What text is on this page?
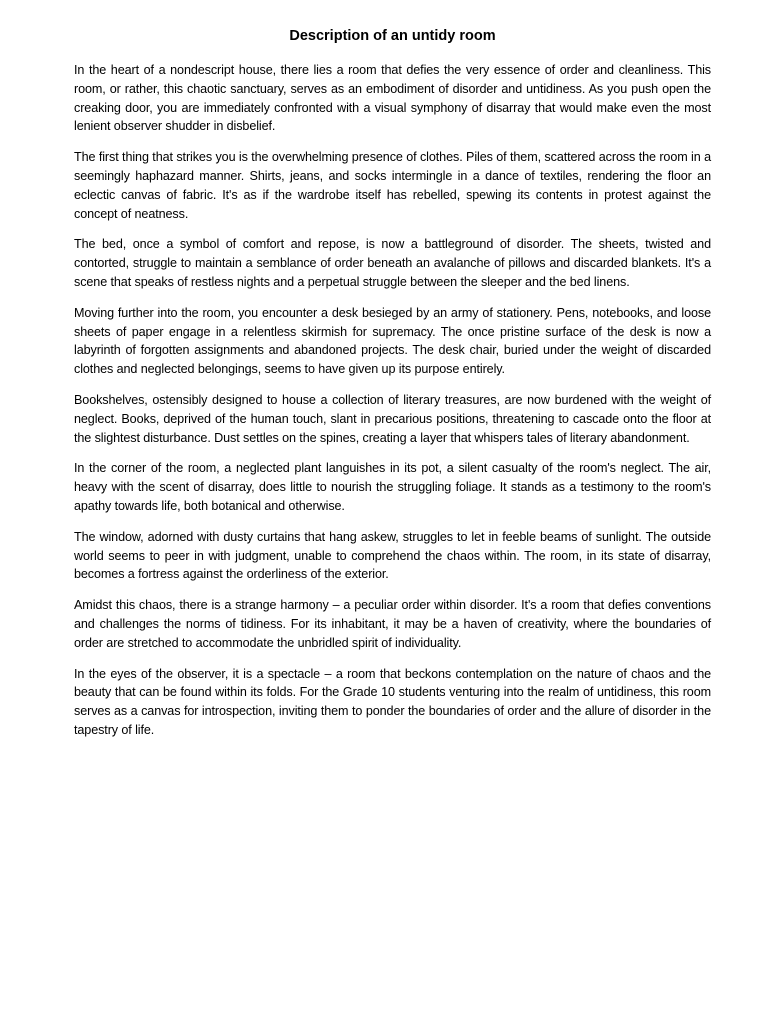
Description of an untidy room

In the heart of a nondescript house, there lies a room that defies the very essence of order and cleanliness. This room, or rather, this chaotic sanctuary, serves as an embodiment of disorder and untidiness. As you push open the creaking door, you are immediately confronted with a visual symphony of disarray that would make even the most lenient observer shudder in disbelief.

The first thing that strikes you is the overwhelming presence of clothes. Piles of them, scattered across the room in a seemingly haphazard manner. Shirts, jeans, and socks intermingle in a dance of textiles, rendering the floor an eclectic canvas of fabric. It's as if the wardrobe itself has rebelled, spewing its contents in protest against the concept of neatness.

The bed, once a symbol of comfort and repose, is now a battleground of disorder. The sheets, twisted and contorted, struggle to maintain a semblance of order beneath an avalanche of pillows and discarded blankets. It's a scene that speaks of restless nights and a perpetual struggle between the sleeper and the bed linens.

Moving further into the room, you encounter a desk besieged by an army of stationery. Pens, notebooks, and loose sheets of paper engage in a relentless skirmish for supremacy. The once pristine surface of the desk is now a labyrinth of forgotten assignments and abandoned projects. The desk chair, buried under the weight of discarded clothes and neglected belongings, seems to have given up its purpose entirely.

Bookshelves, ostensibly designed to house a collection of literary treasures, are now burdened with the weight of neglect. Books, deprived of the human touch, slant in precarious positions, threatening to cascade onto the floor at the slightest disturbance. Dust settles on the spines, creating a layer that whispers tales of literary abandonment.

In the corner of the room, a neglected plant languishes in its pot, a silent casualty of the room's neglect. The air, heavy with the scent of disarray, does little to nourish the struggling foliage. It stands as a testimony to the room's apathy towards life, both botanical and otherwise.

The window, adorned with dusty curtains that hang askew, struggles to let in feeble beams of sunlight. The outside world seems to peer in with judgment, unable to comprehend the chaos within. The room, in its state of disarray, becomes a fortress against the orderliness of the exterior.

Amidst this chaos, there is a strange harmony – a peculiar order within disorder. It's a room that defies conventions and challenges the norms of tidiness. For its inhabitant, it may be a haven of creativity, where the boundaries of order are stretched to accommodate the unbridled spirit of individuality.

In the eyes of the observer, it is a spectacle – a room that beckons contemplation on the nature of chaos and the beauty that can be found within its folds. For the Grade 10 students venturing into the realm of untidiness, this room serves as a canvas for introspection, inviting them to ponder the boundaries of order and the allure of disorder in the tapestry of life.
